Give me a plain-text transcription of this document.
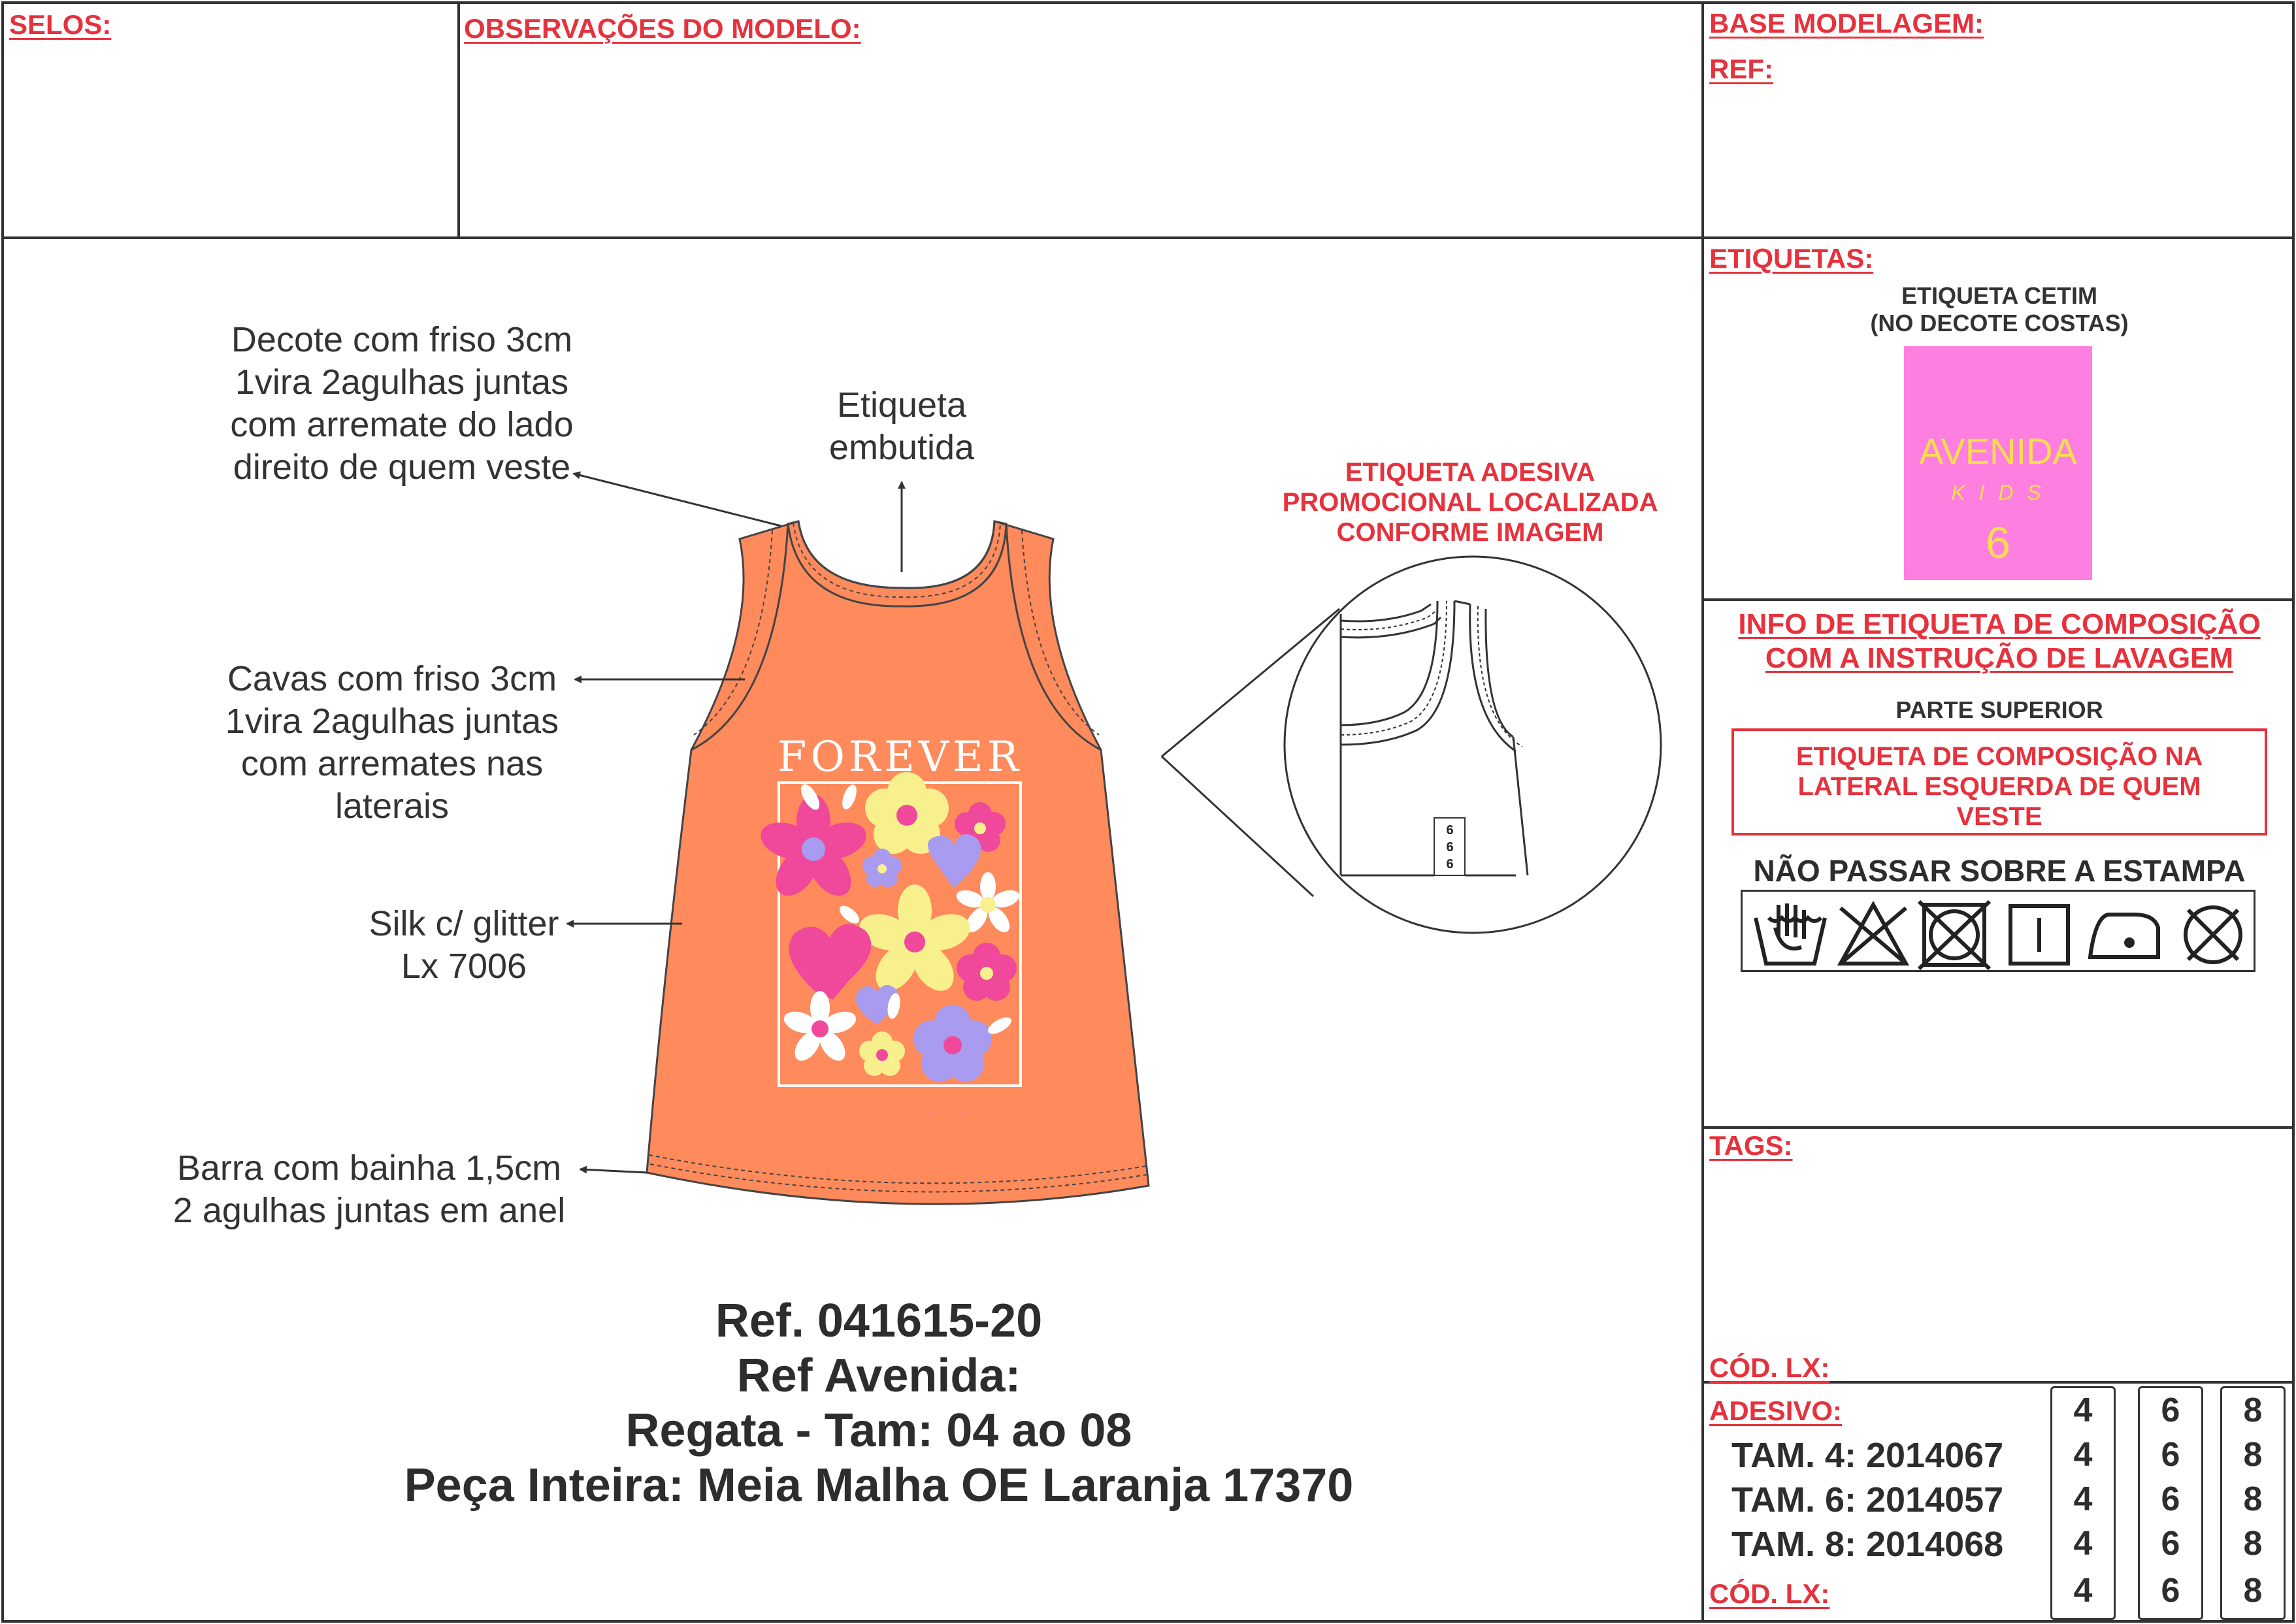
SELOS:	OBSERVAÇÕES DO MODELO:	BASE MODELAGEM:
REF:
· · · · · · · · · · ·
FOREVER
6
6
6
Decote com friso 3cm
1vira 2agulhas juntas
com arremate do lado
direito de quem veste
Etiqueta
embutida
Cavas com friso 3cm
1vira 2agulhas juntas
com arremates nas
laterais
Silk c/ glitter
Lx 7006
Barra com bainha 1,5cm
2 agulhas juntas em anel
ETIQUETA ADESIVA
PROMOCIONAL LOCALIZADA
CONFORME IMAGEM
Ref. 041615-20
Ref Avenida:
Regata - Tam: 04 ao 08
Peça Inteira: Meia Malha OE Laranja 17370
ETIQUETAS:
ETIQUETA CETIM
(NO DECOTE COSTAS)
AVENIDA
K I D S
6
INFO DE ETIQUETA DE COMPOSIÇÃO
COM A INSTRUÇÃO DE LAVAGEM
PARTE SUPERIOR
ETIQUETA DE COMPOSIÇÃO NA
LATERAL ESQUERDA DE QUEM
VESTE
NÃO PASSAR SOBRE A ESTAMPA
TAGS:
CÓD. LX:
ADESIVO:
TAM. 4: 2014067
TAM. 6: 2014057
TAM. 8: 2014068
CÓD. LX:
4
4
4
4
4
6
6
6
6
6
8
8
8
8
8
